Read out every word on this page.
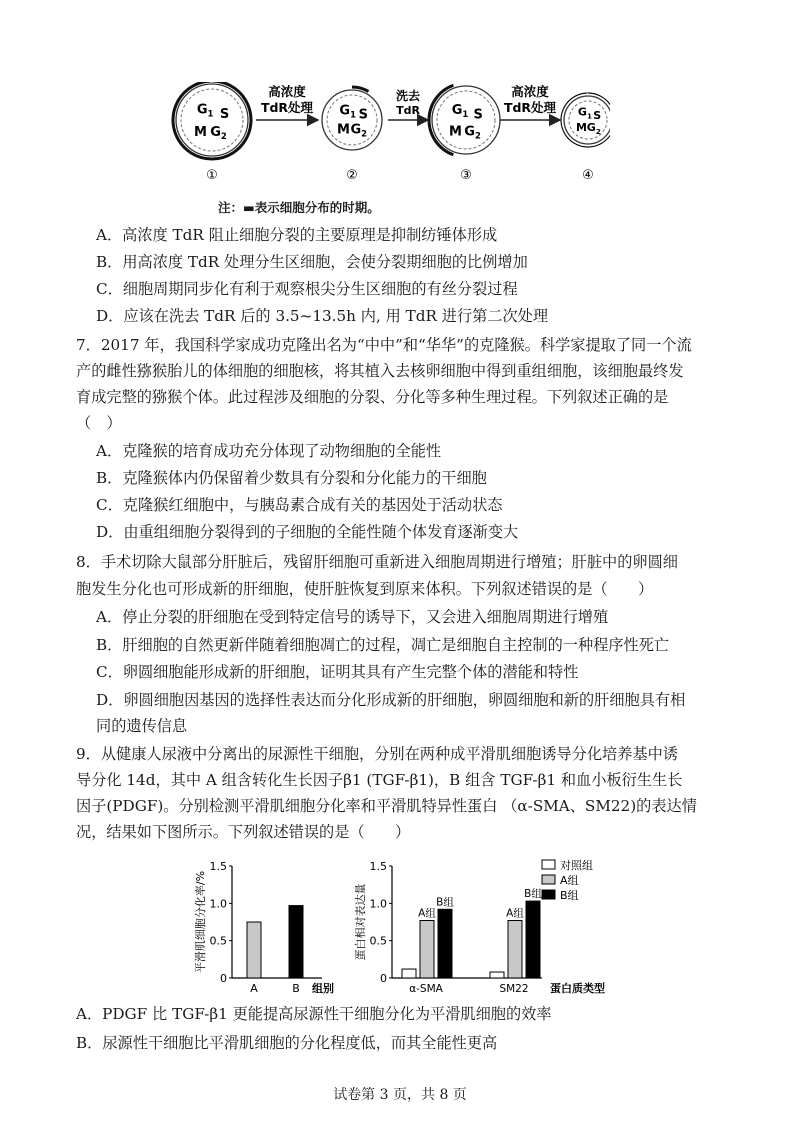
$G_1$ S
M $G_2$
①
$G_1$ S
M $G_2$
②
$G_1$ S
M $G_2$
③
$G_1$ S
M $G_2$
④
高浓度
TdR处理
洗去
TdR
高浓度
TdR处理
注：▬表示细胞分布的时期。
A．高浓度 TdR 阻止细胞分裂的主要原理是抑制纺锤体形成
B．用高浓度 TdR 处理分生区细胞，会使分裂期细胞的比例增加
C．细胞周期同步化有利于观察根尖分生区细胞的有丝分裂过程
D．应该在洗去 TdR 后的 3.5~13.5h 内, 用 TdR 进行第二次处理
7．2017 年，我国科学家成功克隆出名为“中中”和“华华”的克隆猴。科学家提取了同一个流
产的雌性猕猴胎儿的体细胞的细胞核，将其植入去核卵细胞中得到重组细胞，该细胞最终发
育成完整的猕猴个体。此过程涉及细胞的分裂、分化等多种生理过程。下列叙述正确的是
（　）
A．克隆猴的培育成功充分体现了动物细胞的全能性
B．克隆猴体内仍保留着少数具有分裂和分化能力的干细胞
C．克隆猴红细胞中，与胰岛素合成有关的基因处于活动状态
D．由重组细胞分裂得到的子细胞的全能性随个体发育逐渐变大
8．手术切除大鼠部分肝脏后，残留肝细胞可重新进入细胞周期进行增殖；肝脏中的卵圆细
胞发生分化也可形成新的肝细胞，使肝脏恢复到原来体积。下列叙述错误的是（　　）
A．停止分裂的肝细胞在受到特定信号的诱导下，又会进入细胞周期进行增殖
B．肝细胞的自然更新伴随着细胞凋亡的过程，凋亡是细胞自主控制的一种程序性死亡
C．卵圆细胞能形成新的肝细胞，证明其具有产生完整个体的潜能和特性
D．卵圆细胞因基因的选择性表达而分化形成新的肝细胞，卵圆细胞和新的肝细胞具有相
同的遗传信息
9．从健康人尿液中分离出的尿源性干细胞，分别在两种成平滑肌细胞诱导分化培养基中诱
导分化 14d，其中 A 组含转化生长因子β1 (TGF-β1)，B 组含 TGF-β1 和血小板衍生生长
因子(PDGF)。分别检测平滑肌细胞分化率和平滑肌特异性蛋白 （α-SMA、SM22)的表达情
况，结果如下图所示。下列叙述错误的是（　　）
0
0.5
1.0
1.5
平滑肌细胞分化率/%
A	B 组别
0
0.5
1.0
1.5
蛋白相对表达量	A组
B组
α-SMA
A组
B组
SM22 蛋白质类型
对照组
A组
B组
A．PDGF 比 TGF-β1 更能提高尿源性干细胞分化为平滑肌细胞的效率
B．尿源性干细胞比平滑肌细胞的分化程度低，而其全能性更高
试卷第 3 页，共 8 页
